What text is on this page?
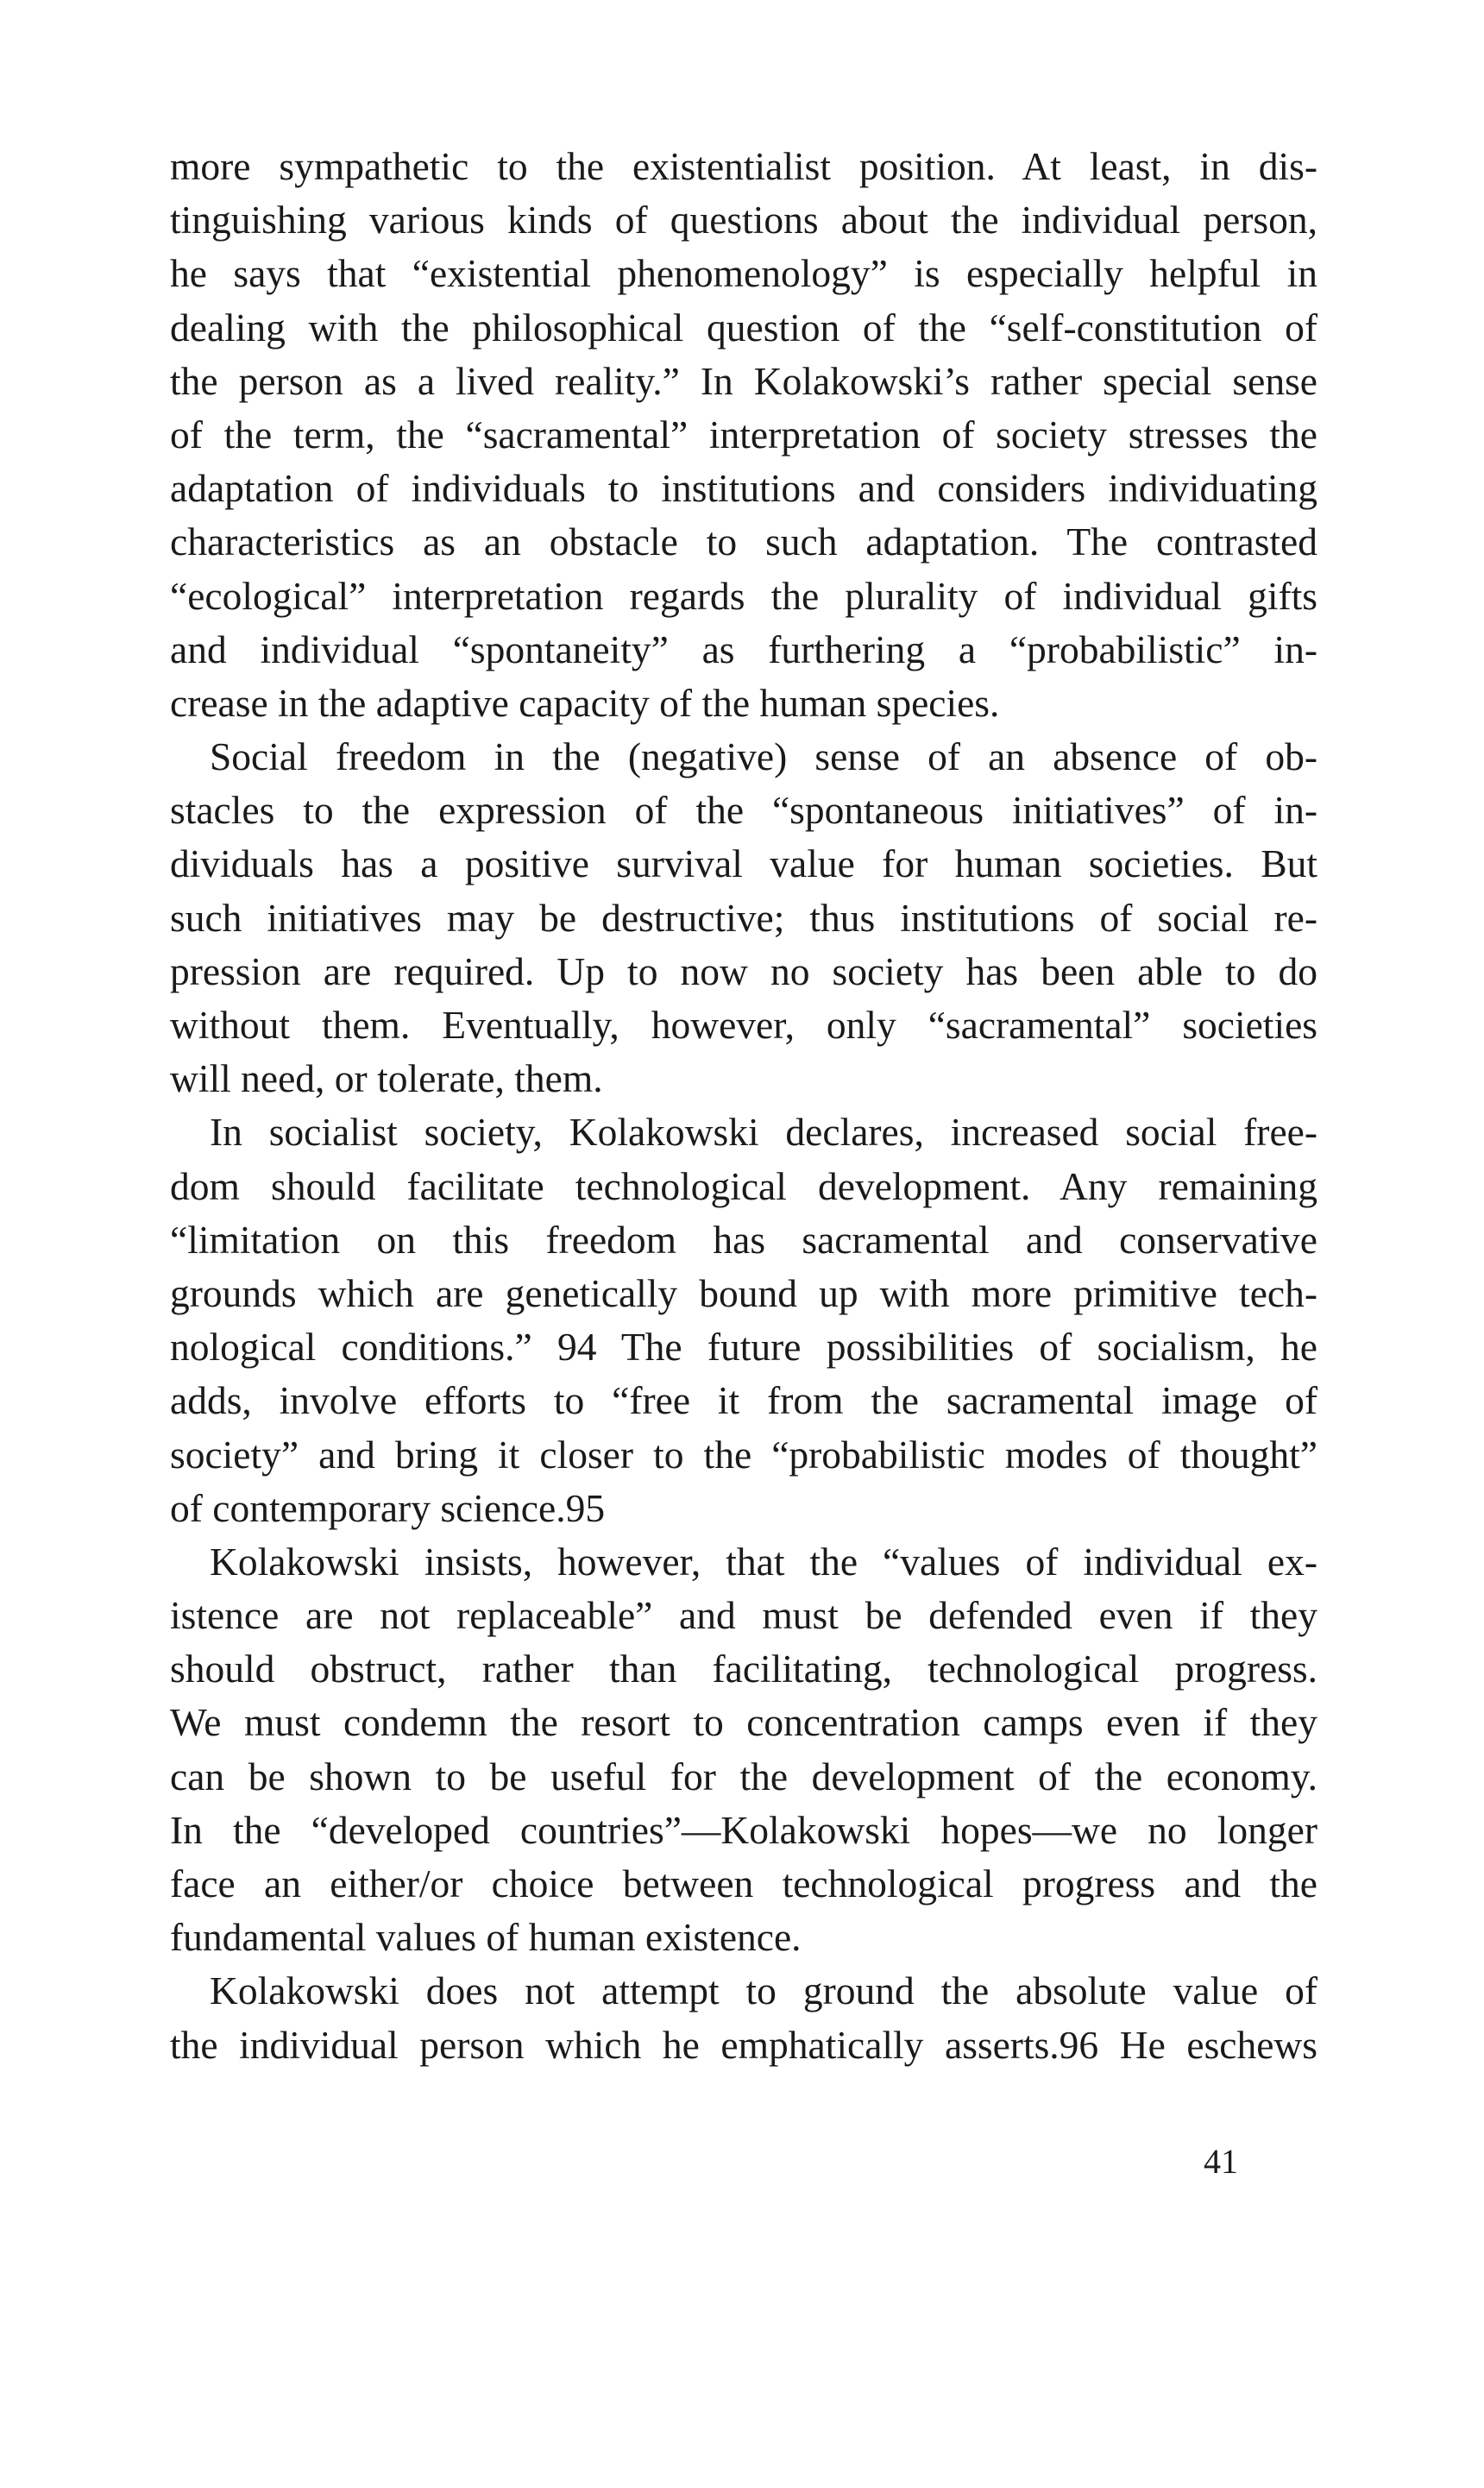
more sympathetic to the existentialist position. At least, in dis-
tinguishing various kinds of questions about the individual person,
he says that “existential phenomenology” is especially helpful in
dealing with the philosophical question of the “self-constitution of
the person as a lived reality.” In Kolakowski’s rather special sense
of the term, the “sacramental” interpretation of society stresses the
adaptation of individuals to institutions and considers individuating
characteristics as an obstacle to such adaptation. The contrasted
“ecological” interpretation regards the plurality of individual gifts
and individual “spontaneity” as furthering a “probabilistic” in-
crease in the adaptive capacity of the human species.
Social freedom in the (negative) sense of an absence of ob-
stacles to the expression of the “spontaneous initiatives” of in-
dividuals has a positive survival value for human societies. But
such initiatives may be destructive; thus institutions of social re-
pression are required. Up to now no society has been able to do
without them. Eventually, however, only “sacramental” societies
will need, or tolerate, them.
In socialist society, Kolakowski declares, increased social free-
dom should facilitate technological development. Any remaining
“limitation on this freedom has sacramental and conservative
grounds which are genetically bound up with more primitive tech-
nological conditions.” 94 The future possibilities of socialism, he
adds, involve efforts to “free it from the sacramental image of
society” and bring it closer to the “probabilistic modes of thought”
of contemporary science.95
Kolakowski insists, however, that the “values of individual ex-
istence are not replaceable” and must be defended even if they
should obstruct, rather than facilitating, technological progress.
We must condemn the resort to concentration camps even if they
can be shown to be useful for the development of the economy.
In the “developed countries”—Kolakowski hopes—we no longer
face an either/or choice between technological progress and the
fundamental values of human existence.
Kolakowski does not attempt to ground the absolute value of
the individual person which he emphatically asserts.96 He eschews
41
